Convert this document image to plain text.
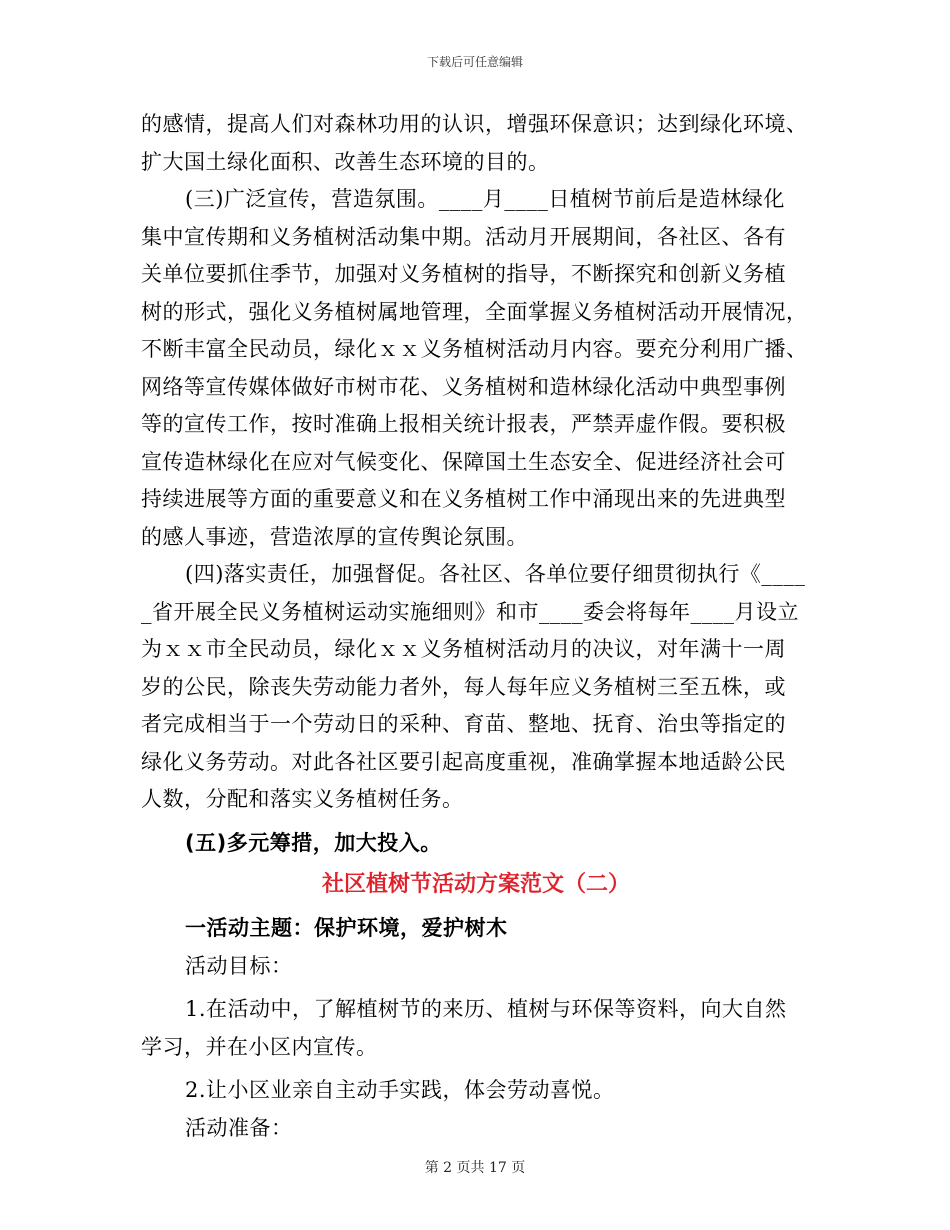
下载后可任意编辑
的感情，提高人们对森林功用的认识，增强环保意识；达到绿化环境、
扩大国土绿化面积、改善生态环境的目的。
(三)广泛宣传，营造氛围。____月____日植树节前后是造林绿化
集中宣传期和义务植树活动集中期。活动月开展期间，各社区、各有
关单位要抓住季节，加强对义务植树的指导，不断探究和创新义务植
树的形式，强化义务植树属地管理，全面掌握义务植树活动开展情况，
不断丰富全民动员，绿化ｘｘ义务植树活动月内容。要充分利用广播、
网络等宣传媒体做好市树市花、义务植树和造林绿化活动中典型事例
等的宣传工作，按时准确上报相关统计报表，严禁弄虚作假。要积极
宣传造林绿化在应对气候变化、保障国土生态安全、促进经济社会可
持续进展等方面的重要意义和在义务植树工作中涌现出来的先进典型
的感人事迹，营造浓厚的宣传舆论氛围。
(四)落实责任，加强督促。各社区、各单位要仔细贯彻执行《____
_省开展全民义务植树运动实施细则》和市____委会将每年____月设立
为ｘｘ市全民动员，绿化ｘｘ义务植树活动月的决议，对年满十一周
岁的公民，除丧失劳动能力者外，每人每年应义务植树三至五株，或
者完成相当于一个劳动日的采种、育苗、整地、抚育、治虫等指定的
绿化义务劳动。对此各社区要引起高度重视，准确掌握本地适龄公民
人数，分配和落实义务植树任务。
(五)多元筹措，加大投入。
社区植树节活动方案范文（二）
一活动主题：保护环境，爱护树木
活动目标：
1.在活动中，了解植树节的来历、植树与环保等资料，向大自然
学习，并在小区内宣传。
2.让小区业亲自主动手实践，体会劳动喜悦。
活动准备：
第 2 页共 17 页
